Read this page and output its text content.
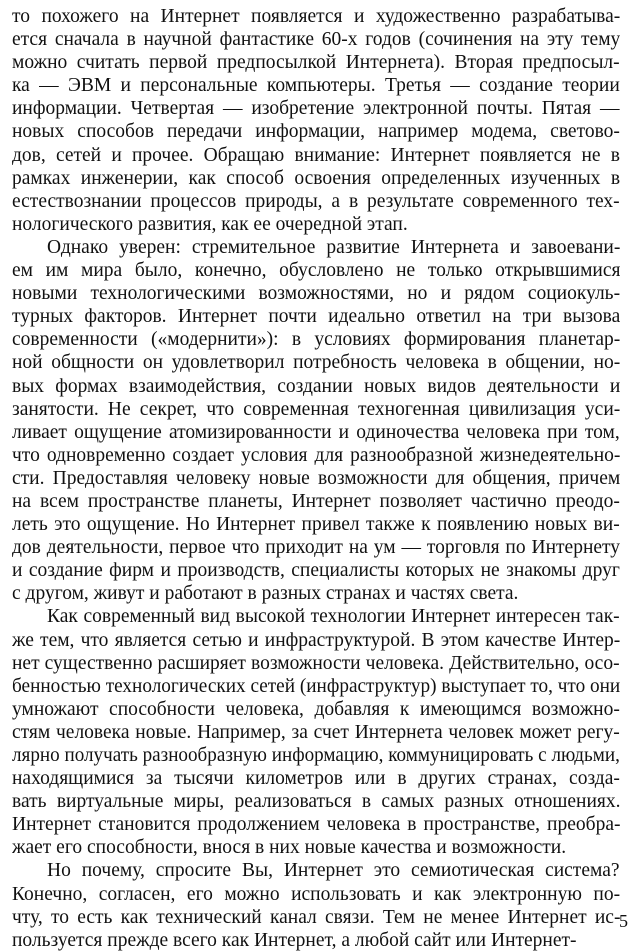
то похожего на Интернет появляется и художественно разрабатыва-
ется сначала в научной фантастике 60-х годов (сочинения на эту тему
можно считать первой предпосылкой Интернета). Вторая предпосыл-
ка — ЭВМ и персональные компьютеры. Третья — создание теории
информации. Четвертая — изобретение электронной почты. Пятая —
новых способов передачи информации, например модема, светово-
дов, сетей и прочее. Обращаю внимание: Интернет появляется не в
рамках инженерии, как способ освоения определенных изученных в
естествознании процессов природы, а в результате современного тех-
нологического развития, как ее очередной этап.
Однако уверен: стремительное развитие Интернета и завоевани-
ем им мира было, конечно, обусловлено не только открывшимися
новыми технологическими возможностями, но и рядом социокуль-
турных факторов. Интернет почти идеально ответил на три вызова
современности («модернити»): в условиях формирования планетар-
ной общности он удовлетворил потребность человека в общении, но-
вых формах взаимодействия, создании новых видов деятельности и
занятости. Не секрет, что современная техногенная цивилизация уси-
ливает ощущение атомизированности и одиночества человека при том,
что одновременно создает условия для разнообразной жизнедеятельно-
сти. Предоставляя человеку новые возможности для общения, причем
на всем пространстве планеты, Интернет позволяет частично преодо-
леть это ощущение. Но Интернет привел также к появлению новых ви-
дов деятельности, первое что приходит на ум — торговля по Интернету
и создание фирм и производств, специалисты которых не знакомы друг
с другом, живут и работают в разных странах и частях света.
Как современный вид высокой технологии Интернет интересен так-
же тем, что является сетью и инфраструктурой. В этом качестве Интер-
нет существенно расширяет возможности человека. Действительно, осо-
бенностью технологических сетей (инфраструктур) выступает то, что они
умножают способности человека, добавляя к имеющимся возможно-
стям человека новые. Например, за счет Интернета человек может регу-
лярно получать разнообразную информацию, коммуницировать с людьми,
находящимися за тысячи километров или в других странах, созда-
вать виртуальные миры, реализоваться в самых разных отношениях.
Интернет становится продолжением человека в пространстве, преобра-
жает его способности, внося в них новые качества и возможности.
Но почему, спросите Вы, Интернет это семиотическая система?
Конечно, согласен, его можно использовать и как электронную по-
чту, то есть как технический канал связи. Тем не менее Интернет ис-
пользуется прежде всего как Интернет, а любой сайт или Интернет-
5
